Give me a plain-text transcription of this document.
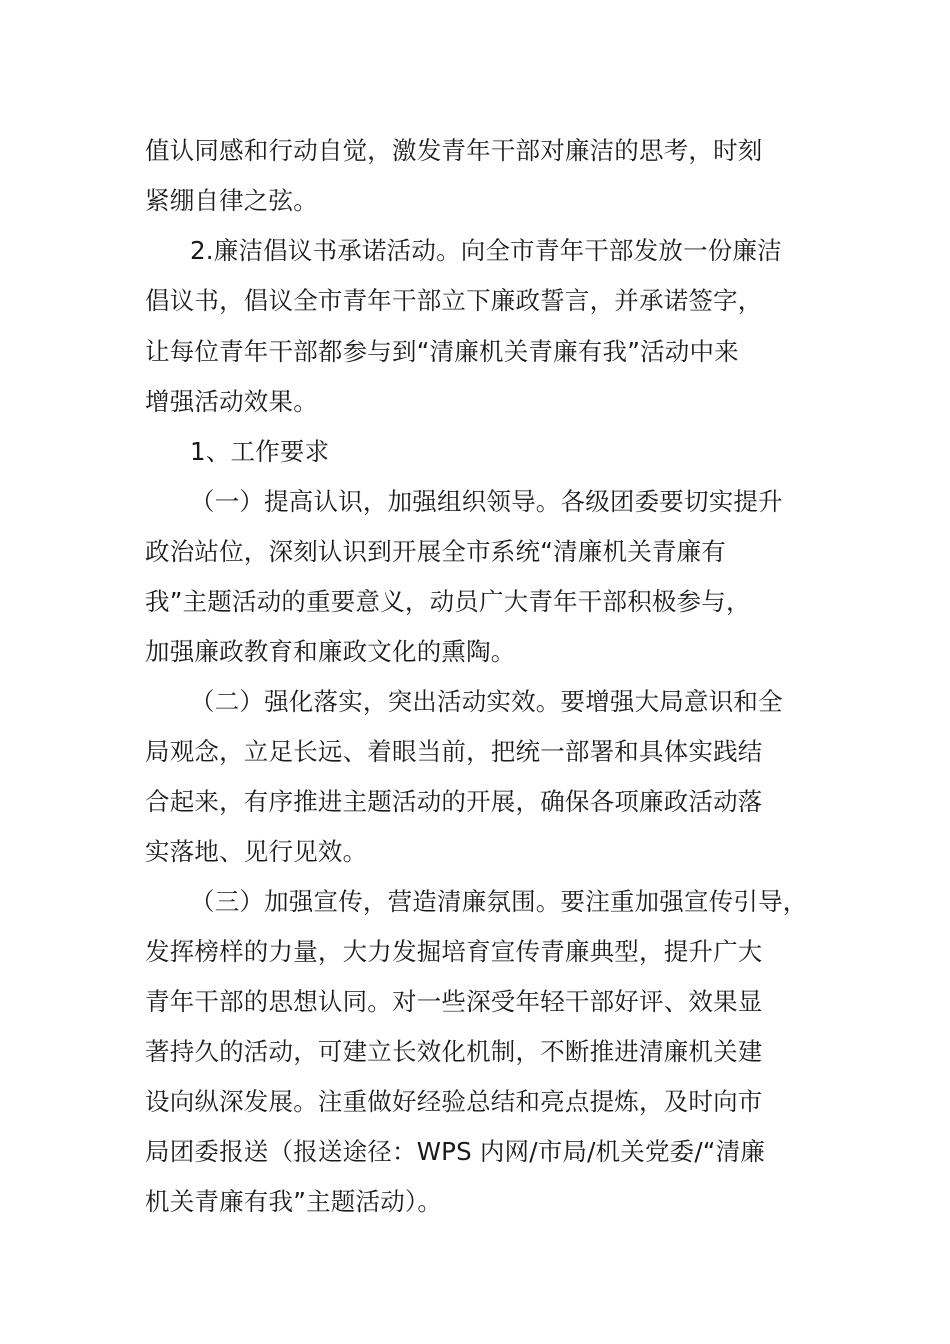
值认同感和行动自觉，激发青年干部对廉洁的思考，时刻
紧绷自律之弦。
2.廉洁倡议书承诺活动。向全市青年干部发放一份廉洁
倡议书，倡议全市青年干部立下廉政誓言，并承诺签字，
让每位青年干部都参与到“清廉机关青廉有我”活动中来
增强活动效果。
1、工作要求
（一）提高认识，加强组织领导。各级团委要切实提升
政治站位，深刻认识到开展全市系统“清廉机关青廉有
我”主题活动的重要意义，动员广大青年干部积极参与，
加强廉政教育和廉政文化的熏陶。
（二）强化落实，突出活动实效。要增强大局意识和全
局观念，立足长远、着眼当前，把统一部署和具体实践结
合起来，有序推进主题活动的开展，确保各项廉政活动落
实落地、见行见效。
（三）加强宣传，营造清廉氛围。要注重加强宣传引导，
发挥榜样的力量，大力发掘培育宣传青廉典型，提升广大
青年干部的思想认同。对一些深受年轻干部好评、效果显
著持久的活动，可建立长效化机制，不断推进清廉机关建
设向纵深发展。注重做好经验总结和亮点提炼，及时向市
局团委报送（报送途径：WPS 内网/市局/机关党委/“清廉
机关青廉有我”主题活动）。
